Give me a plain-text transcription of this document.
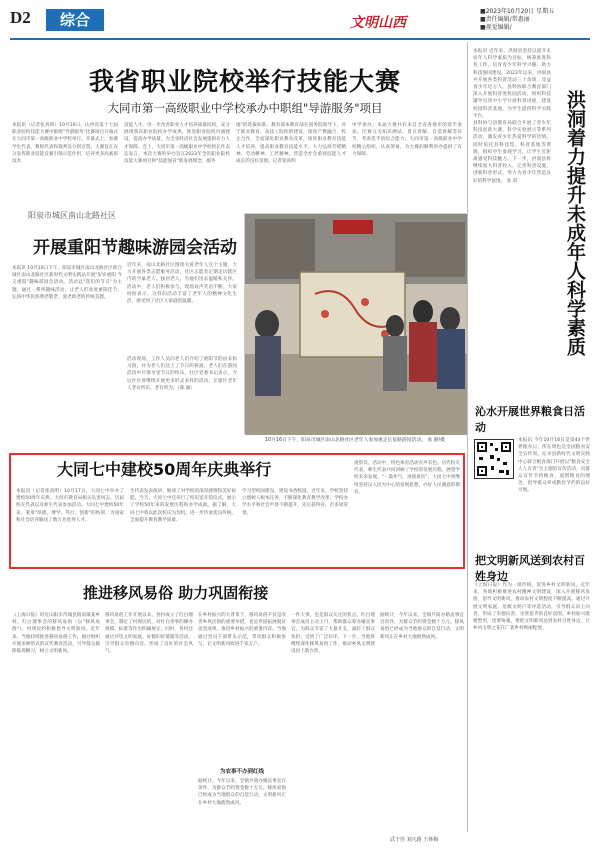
D2	综合	文明山西
■2023年10月20日 星期五
■责任编辑/常惠丽
■视觉编辑/
我省职业院校举行技能大赛
大同市第一高级职业中学校承办中职组"导游服务"项目
本报讯（记者张真明）10月16日，山西省第十七届职业院校技能大赛中职组"导游服务"比赛项目开幕式在大同市第一高级职业中学校举行。开幕式上，参赛学生代表、教师代表和裁判员分别宣誓。大赛旨在充分发挥职业技能竞赛引领示范作用，培养更多高素质技术
技能人才。进一步改善职业人才培养质量结构，充分展现我省职业院校办学成果，推进职业院校内涵建设，提高办学质量，为全省经济社会发展提供有力人才保障。会上，大同市第一高级职业中学校校长作表态发言。本次大赛的举办旨在2023年全省职业院校技能大赛项目和"技能强省"新发展理念，服务
地"的选拔标准。教育部本教育部在国务院领导下，对于职业教育、高技工院校的建设，推进产教融合、校企合作，全面深化职业教育改革，推进职业教育技能人才培养，提高职业教育技能水平。大力弘扬劳模精神、劳动精神、工匠精神，营造全社会重视技能人才成长的良好氛围。记者张真明
中学承办。本届大赛共有来自全省各地市的选手参加。比赛分为知识测试、景点讲解、自选讲解等环节，考查选手的综合能力。大同市第一高级职业中学校精心组织，认真筹备，为大赛的顺利举办提供了有力保障。
阳泉市城区南山北路社区
开展重阳节趣味游园会活动
本报讯 10月16日下午，阳泉市城区南山北路社区联合城区南山北路社区新时代文明实践站开展"岁岁重阳 今又重阳"趣味游园会活动。活动以"我们的节日"为主题，通过一系列趣味活动，让老人们欢度重阳佳节，弘扬中华民族尊老敬老、爱老助老的传统美德。
近年来，南山北路社区围绕关爱老年人这个主题，大力开展各类志愿服务活动，社区志愿者定期走访辖区内的空巢老人、独居老人，为他们送去温暖和关怀。活动中，老人们积极参与，现场欢声笑语不断。大家纷纷表示，这样的活动丰富了老年人的精神文化生活，感受到了社区大家庭的温暖。
活动现场，工作人员向老人们介绍了重阳节的由来和习俗，并为老人们送上了节日的祝福。老人们在游园活动中尽情享受节日的快乐。社区党委书记表示，今后社区将继续开展更多形式多样的活动，让辖区老年人老有所乐、老有所为。（陈 颖）
10月16日下午，阳泉市城区南山北路社区老年人参加重走长征路游园活动。 张 静/摄
洪洞着力提升未成年人科学素质
本报讯 近年来，洪洞县坚持以提升未成年人科学素质为目标，统筹推进科普工作，培育青少年科学兴趣，助力科技强国建设。2023年以来，洪洞县共开展各类科普活动三十余场，受益青少年近万人。县科协联合教育部门深入开展科普进校园活动，组织科技辅导员到中小学开展科普讲座，建设校园科普基地，为学生提供科学实践平台。
县科协与县教育局联合开展了青少年科技创新大赛、科学实验展示等系列活动，激发青少年热爱科学的热情。同时依托县科技馆、科普基地等资源，组织学生参观学习，让学生近距离感受科技魅力。下一步，洪洞县将继续加大科普投入，完善科普设施，创新科普形式，努力为青少年营造良好的科学氛围。 张 甫
沁水开展世界粮食日活动
本报讯 今年10月16日是第43个世界粮食日，所在周也是全国粮食安全宣传周。沁水县新时代文明实践中心联合粮食部门开展以"粮食安全 人人有责"为主题的宣传活动，向群众宣传节约粮食、爱惜粮食的理念，倡导群众养成勤俭节约的良好习惯。
把文明新风送到农村百姓身边
《上海日报》作为一项传统，促进乡村文明新风。近年来，各地积极推进农村精神文明建设，深入开展移风易俗，倡导文明新风，推动农村文明程度不断提高。通过开展文明家庭、星级文明户等评选活动，引导群众向上向善，形成了崇德向善、见贤思齐的良好氛围。乡村振兴既要塑形，也要铸魂，要把文明新风送到农村百姓身边，让乡风文明之花在广袤乡村绚丽绽放。
大同七中建校50周年庆典举行
本报讯（记者张真明）10月17日，大同七中举办了建校50周年庆典。大同市教育局相关负责同志、历届校友代表以及师生代表参加活动。大同七中建校50年来，秉承"厚德、博学、笃行、创新"的校训，为国家和社会培养输送了数万名优秀人才。
生代表发表演讲，畅谈了对学校的深厚感情和美好祝愿。当天，大同七中还举行了校史馆开馆仪式，展示了学校50年来的发展历程和办学成就。据了解，大同七中将以此次校庆为契机，进一步传承优良传统，全面提升教育教学质量。
学习型校园建设，建设书香校园。近年来，学校坚持立德树人根本任务，不断深化教育教学改革，学校办学水平和社会声誉不断提升，先后获得省、市多项荣誉。
观察员。活动中，特色体育活动有声有色。历代校友代表、师生代表共同回顾了学校的发展历程，展望学校未来发展。"一鼓作气，再接再厉"，大同七中将继续坚持以人民为中心的发展思想，办好人民满意的教育。
推进移风易俗 助力巩固衔接
《上海日报》时近山阳市芮城县陌南镇某乡村，红白理事会的移风易俗（以"移风易俗"），村规民约积极倡导文明新风。近年来，当地持续推进移风易俗工作，通过组织开展多种形式的宣传教育活动，引导群众破除陈规陋习，树立文明新风。
移风易俗工作开展以来，各村成立了红白理事会，制定了村规民约，对红白喜事的操办规模、标准等作出明确规定。同时，各村还通过评选文明家庭、好媳妇好婆婆等活动，引导群众崇德向善，形成了良好的社会风气。
在乡村振兴的大背景下，移风易俗不仅是改善乡风民俗的重要举措，也是巩固拓展脱贫攻坚成果、推进乡村振兴的重要内容。当地通过党员干部带头示范，带动群众积极参与，让文明新风吹进千家万户。
为农事不办到红线
据统计，今年以来，全镇共简办婚丧事宜百余件，为群众节约资金数十万元。移风易俗已经成为当地群众的自觉行动，文明新风正在乡村大地蔚然成风。
一件大事，也是群众关注的焦点。红白理事会成员主动上门，帮助群众筹办婚丧事宜，为群众节省了大量开支，减轻了群众负担，受到了广泛好评。下一步，当地将继续深化移风易俗工作，推动乡风文明建设再上新台阶。
据统计，今年以来，全镇共简办婚丧事宜百余件，为群众节约资金数十万元。移风易俗已经成为当地群众的自觉行动，文明新风正在乡村大地蔚然成风。
武于佳 刘凡路 王林梅
